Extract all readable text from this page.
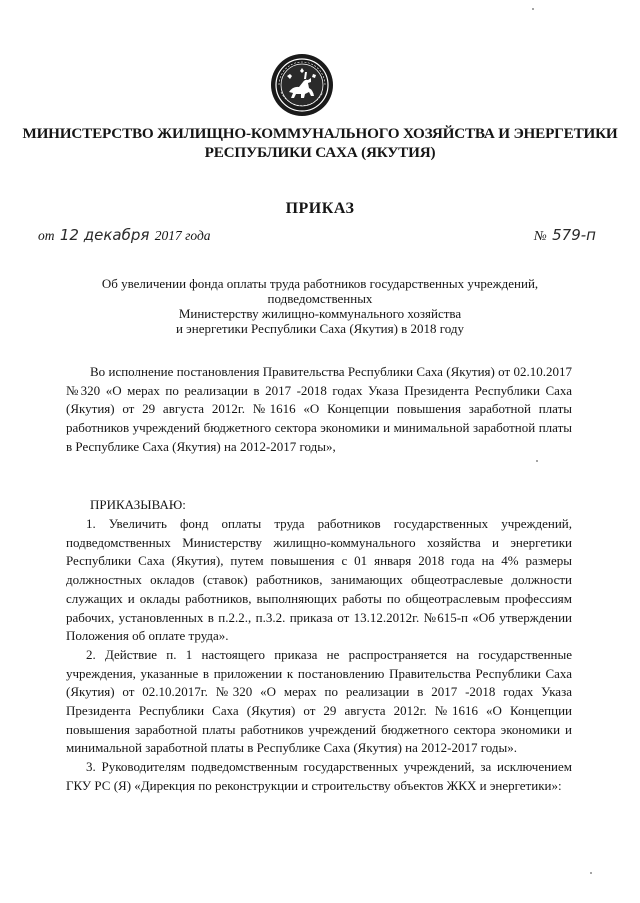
МИНИСТЕРСТВО ЖИЛИЩНО-КОММУНАЛЬНОГО ХОЗЯЙСТВА И ЭНЕРГЕТИКИ
РЕСПУБЛИКИ САХА (ЯКУТИЯ)
ПРИКАЗ
от 12 декабря 2017 года	№ 579-п
Об увеличении фонда оплаты труда работников государственных учреждений,
подведомственных
Министерству жилищно-коммунального хозяйства
и энергетики Республики Саха (Якутия) в 2018 году

Во исполнение постановления Правительства Республики Саха (Якутия) от 02.10.2017 №320 «О мерах по реализации в 2017 -2018 годах Указа Президента Республики Саха (Якутия) от 29 августа 2012г. №1616 «О Концепции повышения заработной платы работников учреждений бюджетного сектора экономики и минимальной заработной платы в Республике Саха (Якутия) на 2012-2017 годы»,

ПРИКАЗЫВАЮ:

1. Увеличить фонд оплаты труда работников государственных учреждений, подведомственных Министерству жилищно-коммунального хозяйства и энергетики Республики Саха (Якутия), путем повышения с 01 января 2018 года на 4% размеры должностных окладов (ставок) работников, занимающих общеотраслевые должности служащих и оклады работников, выполняющих работы по общеотраслевым профессиям рабочих, установленных в п.2.2., п.3.2. приказа от 13.12.2012г. №615-п «Об утверждении Положения об оплате труда».

2. Действие п. 1 настоящего приказа не распространяется на государственные учреждения, указанные в приложении к постановлению Правительства Республики Саха (Якутия) от 02.10.2017г. №320 «О мерах по реализации в 2017 -2018 годах Указа Президента Республики Саха (Якутия) от 29 августа 2012г. №1616 «О Концепции повышения заработной платы работников учреждений бюджетного сектора экономики и минимальной заработной платы в Республике Саха (Якутия) на 2012-2017 годы».

3. Руководителям подведомственным государственных учреждений, за исключением ГКУ РС (Я) «Дирекция по реконструкции и строительству объектов ЖКХ и энергетики»:
